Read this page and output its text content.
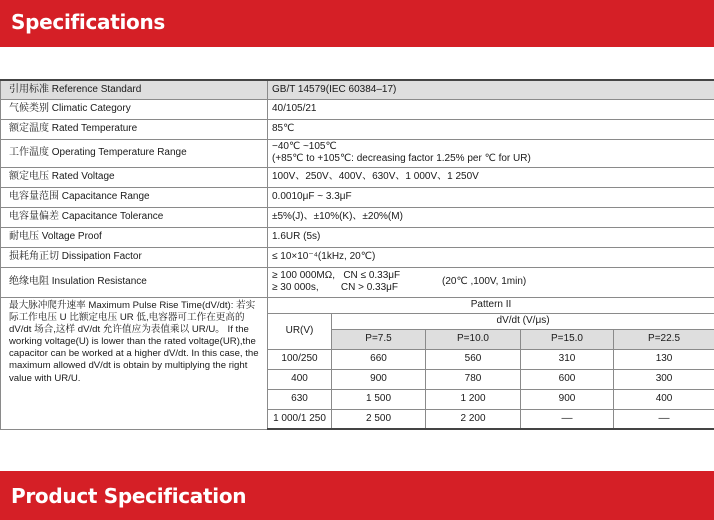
Specifications
引用标准 Reference Standard	GB/T 14579(IEC 60384–17)				
气候类别 Climatic Category	40/105/21				
额定温度 Rated Temperature	85℃				
工作温度 Operating Temperature Range	−40℃ ~105℃
(+85℃ to +105℃: decreasing factor 1.25% per ℃ for UR)				

额定电压 Rated Voltage	100V、250V、400V、630V、1 000V、1 250V				
电容量范围 Capacitance Range	0.0010μF ~ 3.3μF				
电容量偏差 Capacitance Tolerance	±5%(J)、±10%(K)、±20%(M)				
耐电压 Voltage Proof	1.6UR (5s)				
损耗角正切 Dissipation Factor	≤ 10×10⁻⁴(1kHz, 20℃)				
绝缘电阻 Insulation Resistance	≥ 100 000MΩ,   CN ≤ 0.33μF
≥ 30 000s,        CN > 0.33μF
(20℃ ,100V, 1min)				

最大脉冲爬升速率 Maximum Pulse Rise Time(dV/dt): 若实际工作电压 U 比额定电压 UR 低,电容器可工作在更高的 dV/dt 场合,这样 dV/dt 允许值应为表值乘以 UR/U。 If the working voltage(U) is lower than the rated voltage(UR),the capacitor can be worked at a higher dV/dt. In this case, the maximum allowed dV/dt is obtain by multiplying the right value with UR/U.	Pattern II				
	UR(V)	dV/dt (V/μs)			
		P=7.5	P=10.0	P=15.0	P=22.5
	100/250	660	560	310	130
	400	900	780	600	300
	630	1 500	1 200	900	400
	1 000/1 250	2 500	2 200	––	––
Product Specification
